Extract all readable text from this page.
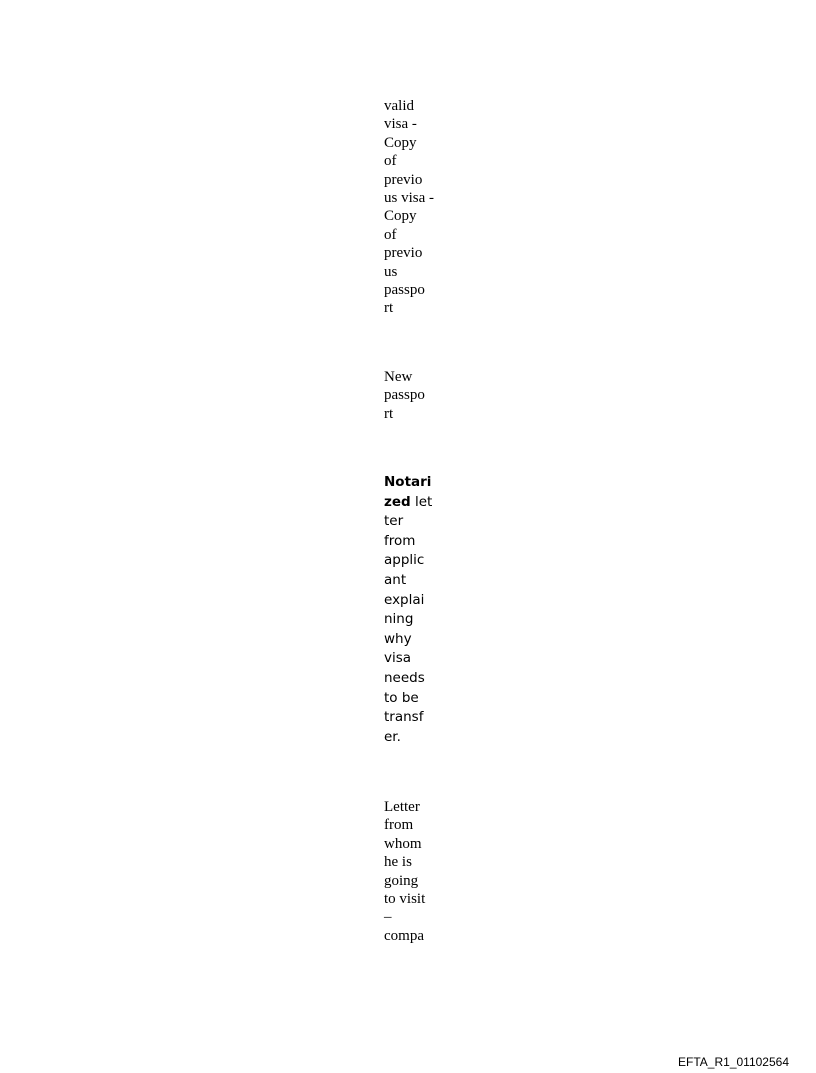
valid
visa -
Copy
of
previo
us visa -
Copy
of
previo
us
passpo
rt
New
passpo
rt
Notari
zed let
ter
from
applic
ant
explai
ning
why
visa
needs
to be
transf
er.
Letter
from
whom
he is
going
to visit
–
compa
EFTA_R1_01102564
